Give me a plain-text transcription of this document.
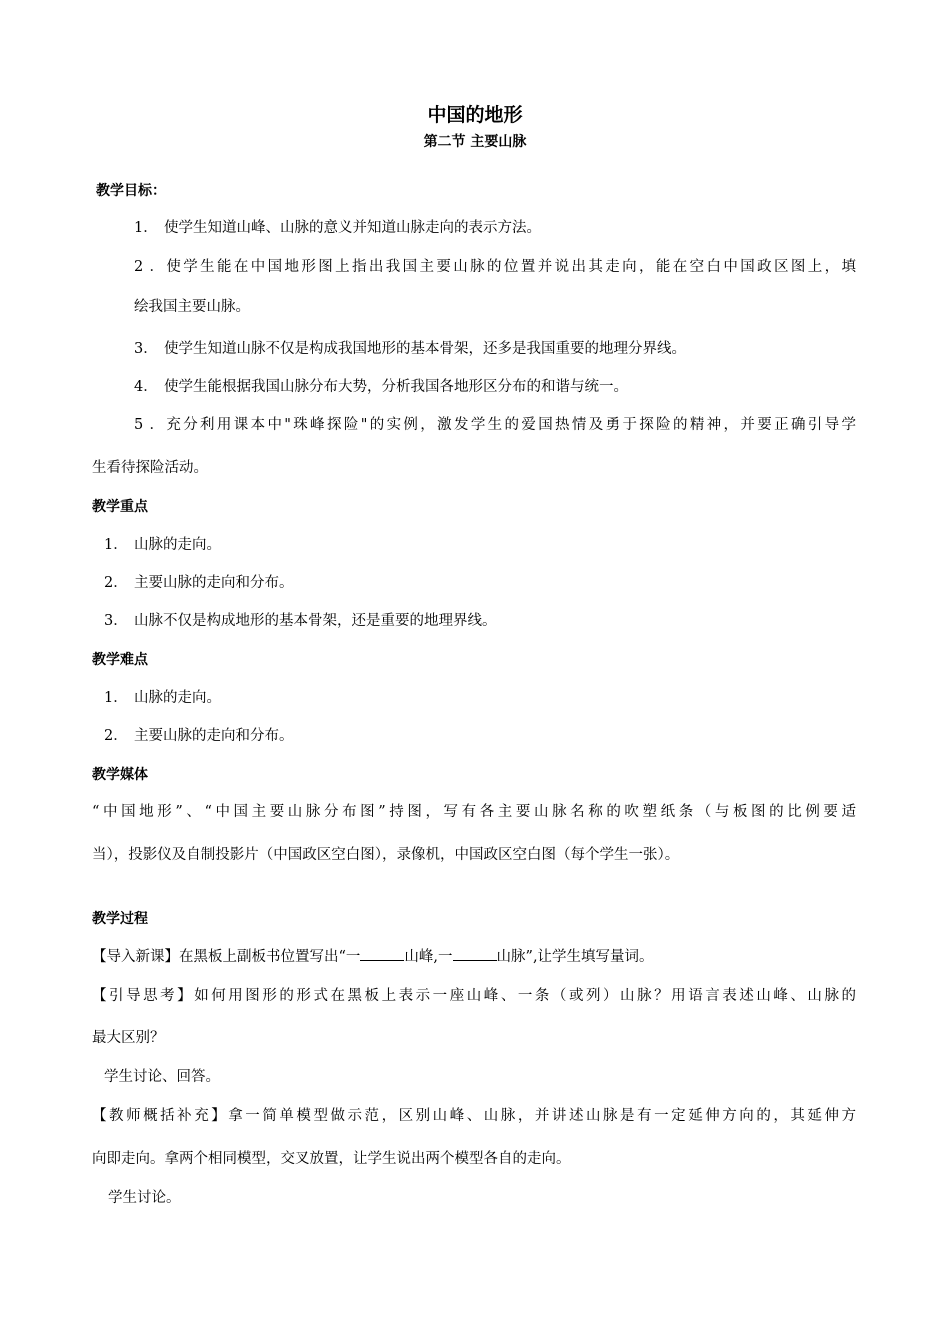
中国的地形
第二节 主要山脉
教学目标：
1． 使学生知道山峰、山脉的意义并知道山脉走向的表示方法。
2．使学生能在中国地形图上指出我国主要山脉的位置并说出其走向，能在空白中国政区图上，填
绘我国主要山脉。
3． 使学生知道山脉不仅是构成我国地形的基本骨架，还多是我国重要的地理分界线。
4． 使学生能根据我国山脉分布大势，分析我国各地形区分布的和谐与统一。
5．充分利用课本中"珠峰探险"的实例，激发学生的爱国热情及勇于探险的精神，并要正确引导学
生看待探险活动。
教学重点
1． 山脉的走向。
2． 主要山脉的走向和分布。
3． 山脉不仅是构成地形的基本骨架，还是重要的地理界线。
教学难点
1． 山脉的走向。
2． 主要山脉的走向和分布。
教学媒体
“中国地形”、“中国主要山脉分布图”持图，写有各主要山脉名称的吹塑纸条（与板图的比例要适
当），投影仪及自制投影片（中国政区空白图），录像机，中国政区空白图（每个学生一张）。
教学过程
【导入新课】在黑板上副板书位置写出“一	山峰,一	山脉”,让学生填写量词。
【引导思考】如何用图形的形式在黑板上表示一座山峰、一条（或列）山脉？用语言表述山峰、山脉的
最大区别？
学生讨论、回答。
【教师概括补充】拿一简单模型做示范，区别山峰、山脉，并讲述山脉是有一定延伸方向的，其延伸方
向即走向。拿两个相同模型，交叉放置，让学生说出两个模型各自的走向。
学生讨论。
